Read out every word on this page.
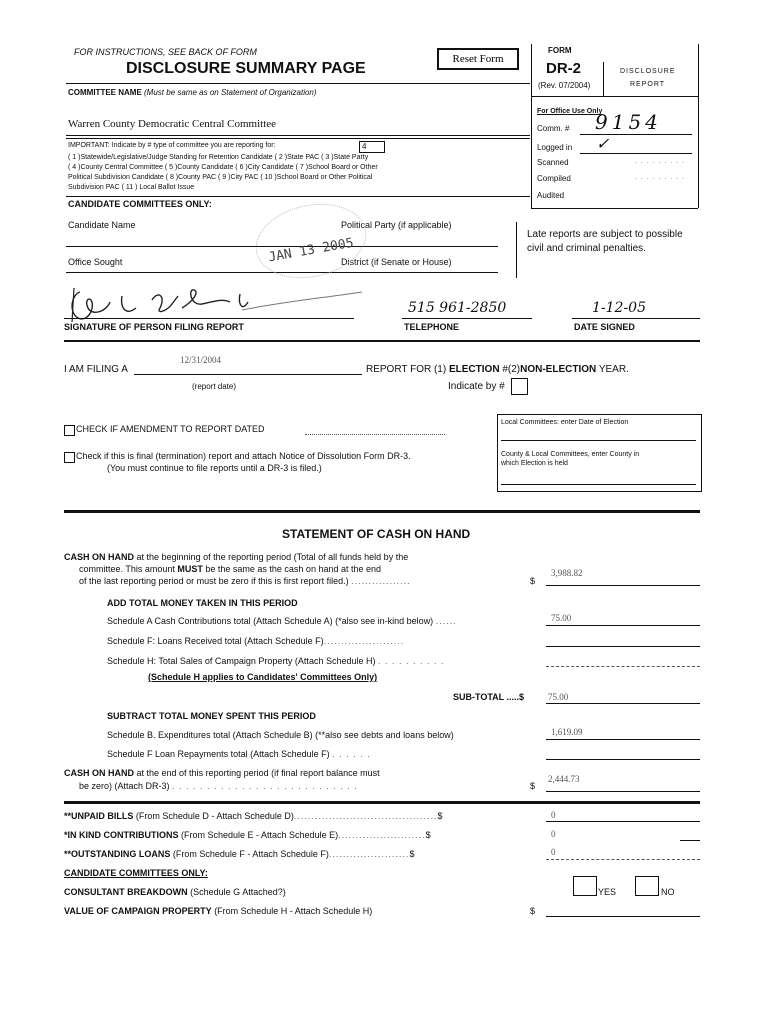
FOR INSTRUCTIONS, SEE BACK OF FORM
DISCLOSURE SUMMARY PAGE
Reset Form
FORM
DR-2
(Rev. 07/2004)
DISCLOSURE
REPORT
For Office Use Only
Comm. # 9154
Logged in ✓
Scanned	. . . . . . . . .
Compiled	. . . . . . . . .
Audited
COMMITTEE NAME (Must be same as on Statement of Organization)
Warren County Democratic Central Committee
IMPORTANT: Indicate by # type of committee you are reporting for:	4
( 1 )Statewide/Legislative/Judge Standing for Retention Candidate ( 2 )State PAC ( 3 )State Party
( 4 )County Central Committee ( 5 )County Candidate ( 6 )City Candidate ( 7 )School Board or Other
Political Subdivision Candidate ( 8 )County PAC ( 9 )City PAC ( 10 )School Board or Other Political
Subdivision PAC ( 11 ) Local Ballot Issue
CANDIDATE COMMITTEES ONLY:
Candidate Name	Political Party (if applicable)
Office Sought	District (if Senate or House)
Late reports are subject to possible civil and criminal penalties.
JAN 13 2005
515 961-2850	1-12-05
SIGNATURE OF PERSON FILING REPORT	TELEPHONE	DATE SIGNED
I AM FILING A
12/31/2004
(report date)
REPORT FOR (1) ELECTION #(2)NON-ELECTION YEAR.
Indicate by #
CHECK IF AMENDMENT TO REPORT DATED
Check if this is final (termination) report and attach Notice of Dissolution Form DR-3.
(You must continue to file reports until a DR-3 is filed.)
Local Committees: enter Date of Election
County & Local Committees, enter County in
which Election is held
STATEMENT OF CASH ON HAND
CASH ON HAND at the beginning of the reporting period (Total of all funds held by the
committee. This amount MUST be the same as the cash on hand at the end
of the last reporting period or must be zero if this is first report filed.) .................	$
3,988.82
ADD TOTAL MONEY TAKEN IN THIS PERIOD
Schedule A Cash Contributions total (Attach Schedule A) (*also see in-kind below) ......	75.00
Schedule F: Loans Received total (Attach Schedule F).......................
Schedule H: Total Sales of Campaign Property (Attach Schedule H) . . . . . . . . . .
(Schedule H applies to Candidates' Committees Only)
SUB-TOTAL .....$	75.00
SUBTRACT TOTAL MONEY SPENT THIS PERIOD
Schedule B. Expenditures total (Attach Schedule B) (**also see debts and loans below)	1,619.09
Schedule F Loan Repayments total (Attach Schedule F) . . . . . .
CASH ON HAND at the end of this reporting period (if final report balance must
be zero) (Attach DR-3) . . . . . . . . . . . . . . . . . . . . . . . . . . .	$
2,444.73
**UNPAID BILLS (From Schedule D - Attach Schedule D).........................................$	0
*IN KIND CONTRIBUTIONS (From Schedule E - Attach Schedule E).........................$	0
**OUTSTANDING LOANS (From Schedule F - Attach Schedule F).......................$	0
CANDIDATE COMMITTEES ONLY:
CONSULTANT BREAKDOWN (Schedule G Attached?)	YES	NO
VALUE OF CAMPAIGN PROPERTY (From Schedule H - Attach Schedule H)	$
